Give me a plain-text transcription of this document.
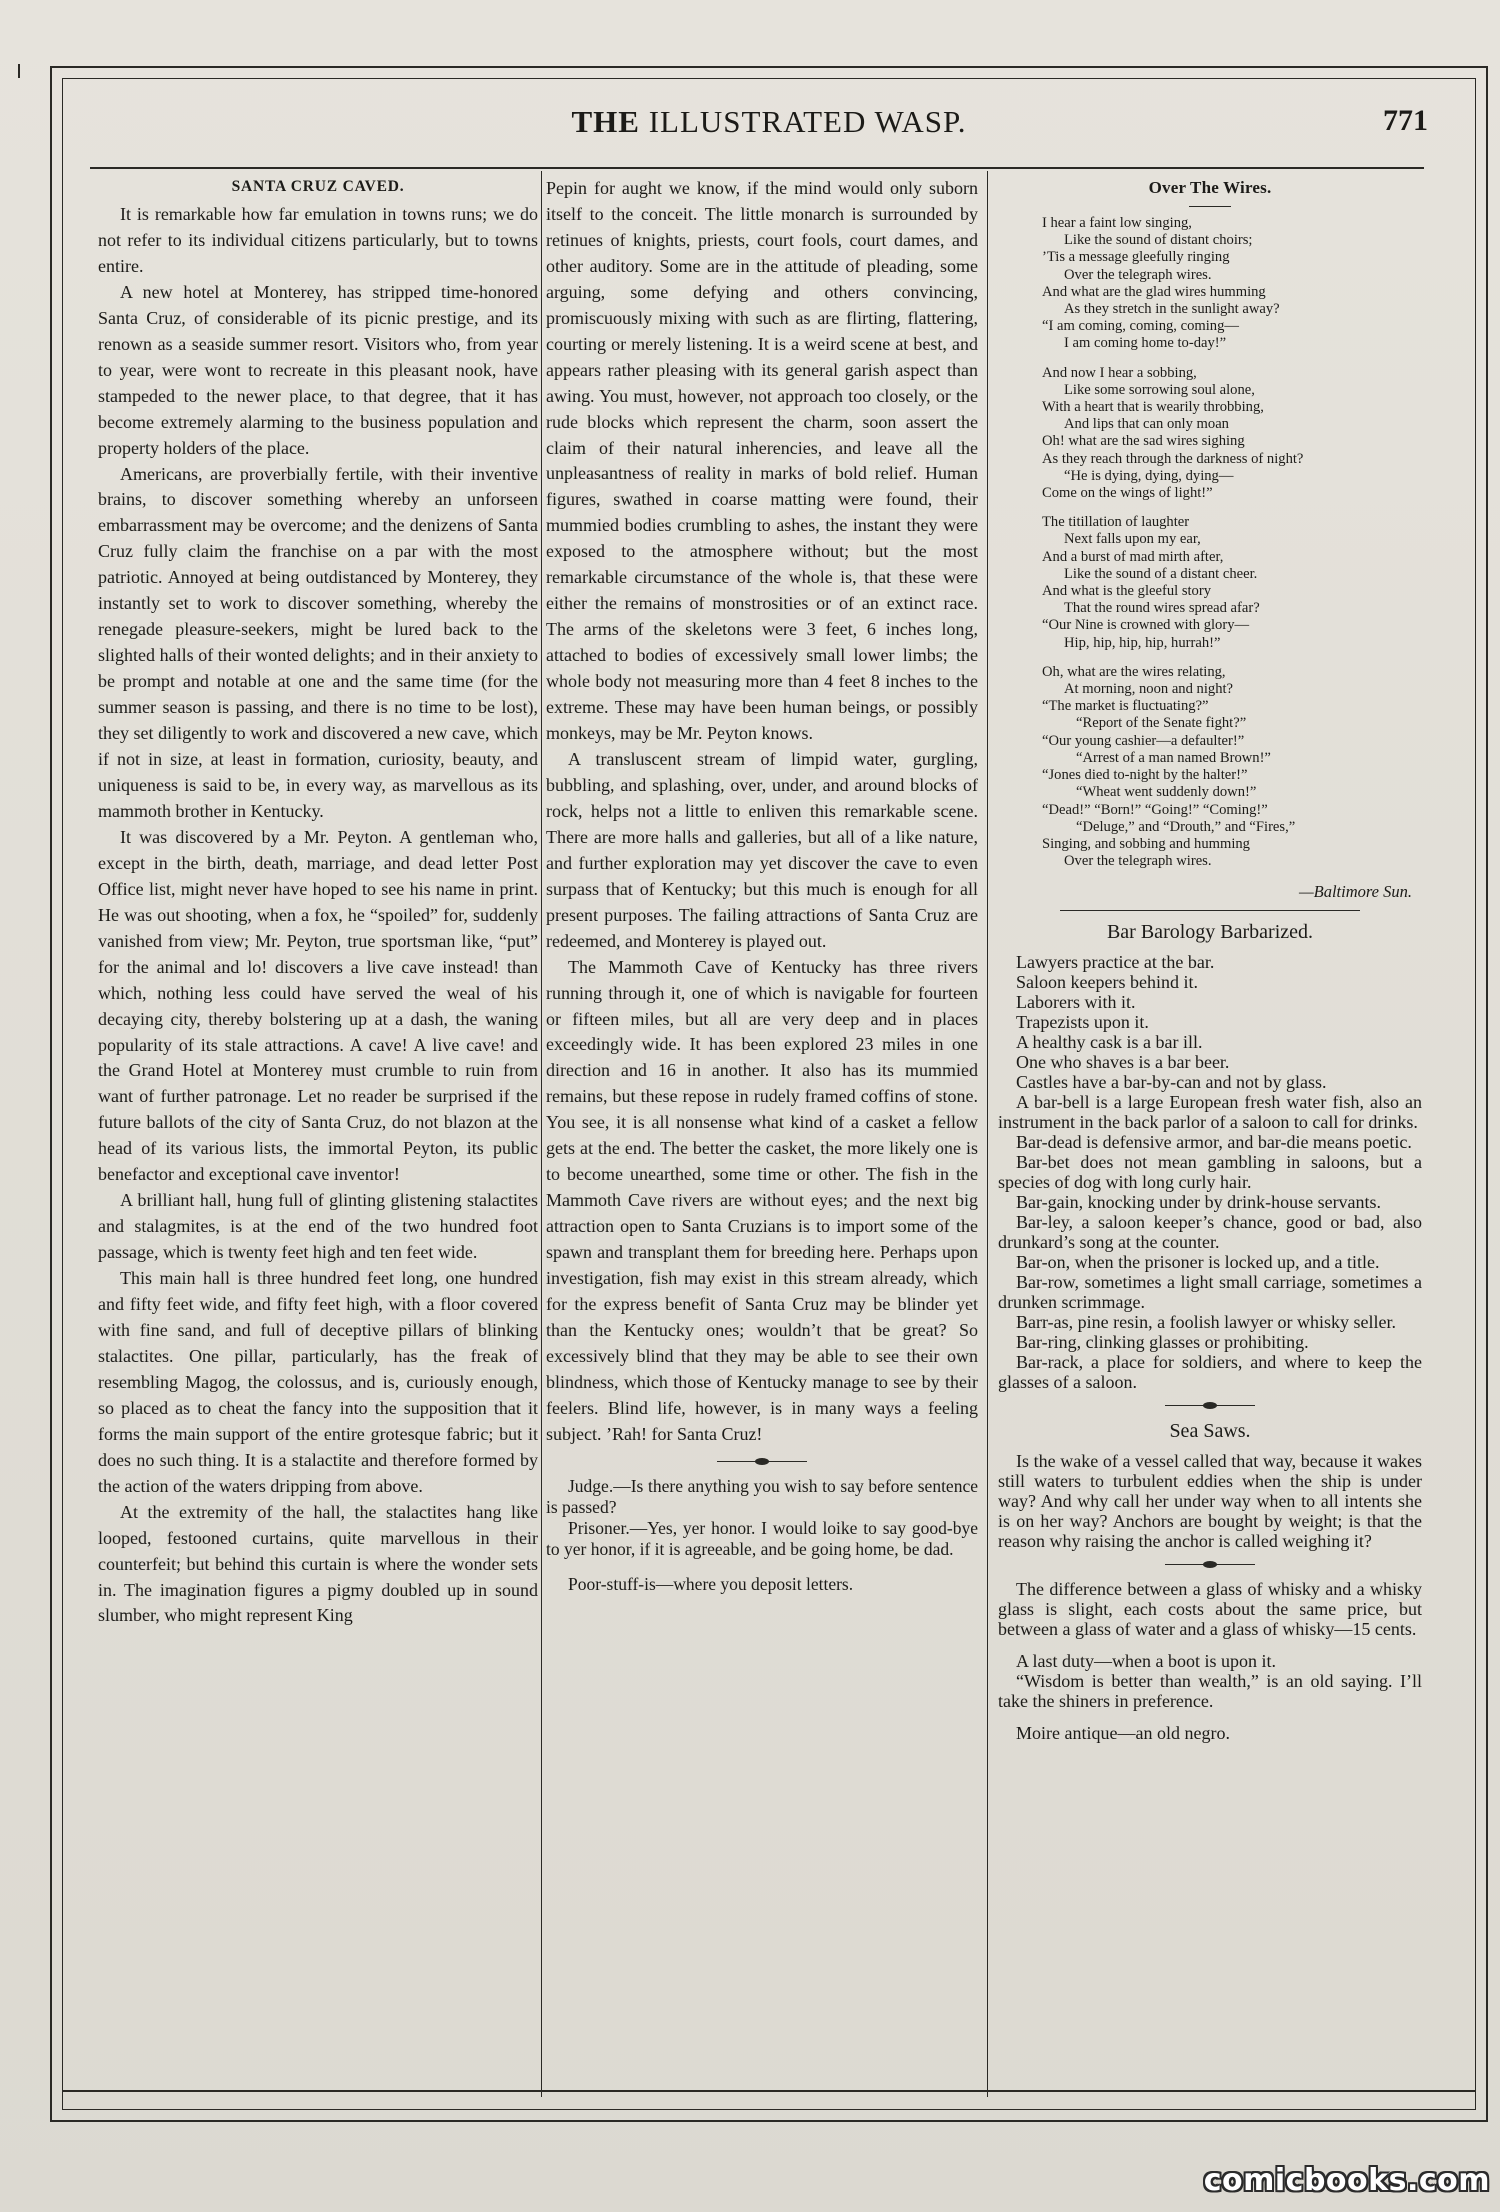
THE ILLUSTRATED WASP.	771
SANTA CRUZ CAVED.

It is remarkable how far emulation in towns runs; we do not refer to its individual citizens particularly, but to towns entire.

A new hotel at Monterey, has stripped time-honored Santa Cruz, of considerable of its picnic prestige, and its renown as a seaside summer resort. Visitors who, from year to year, were wont to recreate in this pleasant nook, have stampeded to the newer place, to that degree, that it has become extremely alarming to the business population and property holders of the place.

Americans, are proverbially fertile, with their inventive brains, to discover something whereby an unforseen embarrassment may be overcome; and the denizens of Santa Cruz fully claim the franchise on a par with the most patriotic. Annoyed at being outdistanced by Monterey, they instantly set to work to discover something, whereby the renegade pleasure-seekers, might be lured back to the slighted halls of their wonted delights; and in their anxiety to be prompt and notable at one and the same time (for the summer season is passing, and there is no time to be lost), they set diligently to work and discovered a new cave, which if not in size, at least in formation, curiosity, beauty, and uniqueness is said to be, in every way, as marvellous as its mammoth brother in Kentucky.

It was discovered by a Mr. Peyton. A gentleman who, except in the birth, death, marriage, and dead letter Post Office list, might never have hoped to see his name in print. He was out shooting, when a fox, he “spoiled” for, suddenly vanished from view; Mr. Peyton, true sportsman like, “put” for the animal and lo! discovers a live cave instead! than which, nothing less could have served the weal of his decaying city, thereby bolstering up at a dash, the waning popularity of its stale attractions. A cave! A live cave! and the Grand Hotel at Monterey must crumble to ruin from want of further patronage. Let no reader be surprised if the future ballots of the city of Santa Cruz, do not blazon at the head of its various lists, the immortal Peyton, its public benefactor and exceptional cave inventor!

A brilliant hall, hung full of glinting glistening stalactites and stalagmites, is at the end of the two hundred foot passage, which is twenty feet high and ten feet wide.

This main hall is three hundred feet long, one hundred and fifty feet wide, and fifty feet high, with a floor covered with fine sand, and full of deceptive pillars of blinking stalactites. One pillar, particularly, has the freak of resembling Magog, the colossus, and is, curiously enough, so placed as to cheat the fancy into the supposition that it forms the main support of the entire grotesque fabric; but it does no such thing. It is a stalactite and therefore formed by the action of the waters dripping from above.

At the extremity of the hall, the stalactites hang like looped, festooned curtains, quite marvellous in their counterfeit; but behind this curtain is where the wonder sets in. The imagination figures a pigmy doubled up in sound slumber, who might represent King

Pepin for aught we know, if the mind would only suborn itself to the conceit. The little monarch is surrounded by retinues of knights, priests, court fools, court dames, and other auditory. Some are in the attitude of pleading, some arguing, some defying and others convincing, promiscuously mixing with such as are flirting, flattering, courting or merely listening. It is a weird scene at best, and appears rather pleasing with its general garish aspect than awing. You must, however, not approach too closely, or the rude blocks which represent the charm, soon assert the claim of their natural inherencies, and leave all the unpleasantness of reality in marks of bold relief. Human figures, swathed in coarse matting were found, their mummied bodies crumbling to ashes, the instant they were exposed to the atmosphere without; but the most remarkable circumstance of the whole is, that these were either the remains of monstrosities or of an extinct race. The arms of the skeletons were 3 feet, 6 inches long, attached to bodies of excessively small lower limbs; the whole body not measuring more than 4 feet 8 inches to the extreme. These may have been human beings, or possibly monkeys, may be Mr. Peyton knows.

A transluscent stream of limpid water, gurgling, bubbling, and splashing, over, under, and around blocks of rock, helps not a little to enliven this remarkable scene. There are more halls and galleries, but all of a like nature, and further exploration may yet discover the cave to even surpass that of Kentucky; but this much is enough for all present purposes. The failing attractions of Santa Cruz are redeemed, and Monterey is played out.

The Mammoth Cave of Kentucky has three rivers running through it, one of which is navigable for fourteen or fifteen miles, but all are very deep and in places exceedingly wide. It has been explored 23 miles in one direction and 16 in another. It also has its mummied remains, but these repose in rudely framed coffins of stone. You see, it is all nonsense what kind of a casket a fellow gets at the end. The better the casket, the more likely one is to become unearthed, some time or other. The fish in the Mammoth Cave rivers are without eyes; and the next big attraction open to Santa Cruzians is to import some of the spawn and transplant them for breeding here. Perhaps upon investigation, fish may exist in this stream already, which for the express benefit of Santa Cruz may be blinder yet than the Kentucky ones; wouldn’t that be great? So excessively blind that they may be able to see their own blindness, which those of Kentucky manage to see by their feelers. Blind life, however, is in many ways a feeling subject. ’Rah! for Santa Cruz!

Judge.—Is there anything you wish to say before sentence is passed?

Prisoner.—Yes, yer honor. I would loike to say good-bye to yer honor, if it is agreeable, and be going home, be dad.

Poor-stuff-is—where you deposit letters.

Over The Wires.
I hear a faint low singing,
Like the sound of distant choirs;
’Tis a message gleefully ringing
Over the telegraph wires.
And what are the glad wires humming
As they stretch in the sunlight away?
“I am coming, coming, coming—
I am coming home to-day!”
And now I hear a sobbing,
Like some sorrowing soul alone,
With a heart that is wearily throbbing,
And lips that can only moan
Oh! what are the sad wires sighing
As they reach through the darkness of night?
“He is dying, dying, dying—
Come on the wings of light!”
The titillation of laughter
Next falls upon my ear,
And a burst of mad mirth after,
Like the sound of a distant cheer.
And what is the gleeful story
That the round wires spread afar?
“Our Nine is crowned with glory—
Hip, hip, hip, hip, hurrah!”
Oh, what are the wires relating,
At morning, noon and night?
“The market is fluctuating?”
“Report of the Senate fight?”
“Our young cashier—a defaulter!”
“Arrest of a man named Brown!”
“Jones died to-night by the halter!”
“Wheat went suddenly down!”
“Dead!” “Born!” “Going!” “Coming!”
“Deluge,” and “Drouth,” and “Fires,”
Singing, and sobbing and humming
Over the telegraph wires.
—Baltimore Sun.
Bar Barology Barbarized.

Lawyers practice at the bar.

Saloon keepers behind it.

Laborers with it.

Trapezists upon it.

A healthy cask is a bar ill.

One who shaves is a bar beer.

Castles have a bar-by-can and not by glass.

A bar-bell is a large European fresh water fish, also an instrument in the back parlor of a saloon to call for drinks.

Bar-dead is defensive armor, and bar-die means poetic.

Bar-bet does not mean gambling in saloons, but a species of dog with long curly hair.

Bar-gain, knocking under by drink-house servants.

Bar-ley, a saloon keeper’s chance, good or bad, also drunkard’s song at the counter.

Bar-on, when the prisoner is locked up, and a title.

Bar-row, sometimes a light small carriage, sometimes a drunken scrimmage.

Barr-as, pine resin, a foolish lawyer or whisky seller.

Bar-ring, clinking glasses or prohibiting.

Bar-rack, a place for soldiers, and where to keep the glasses of a saloon.

Sea Saws.

Is the wake of a vessel called that way, because it wakes still waters to turbulent eddies when the ship is under way? And why call her under way when to all intents she is on her way? Anchors are bought by weight; is that the reason why raising the anchor is called weighing it?

The difference between a glass of whisky and a whisky glass is slight, each costs about the same price, but between a glass of water and a glass of whisky—15 cents.

A last duty—when a boot is upon it.

“Wisdom is better than wealth,” is an old saying. I’ll take the shiners in preference.

Moire antique—an old negro.

comicbooks.com
